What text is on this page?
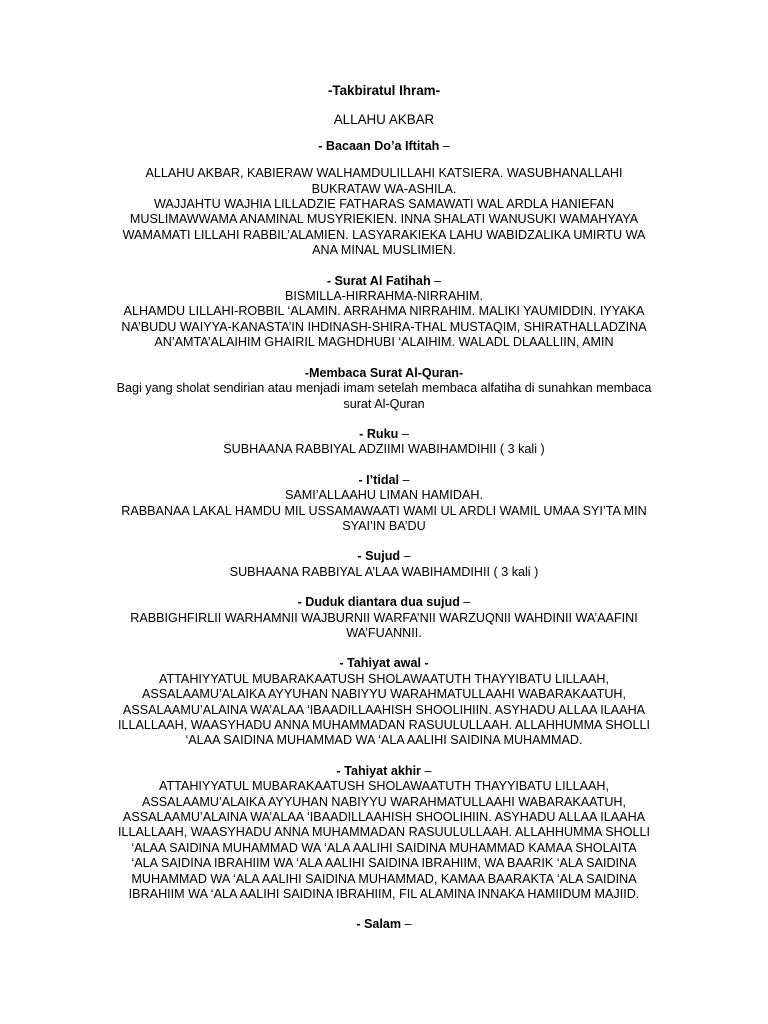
-Takbiratul Ihram-
ALLAHU AKBAR
- Bacaan Do’a Iftitah –
ALLAHU AKBAR, KABIERAW WALHAMDULILLAHI KATSIERA. WASUBHANALLAHI
BUKRATAW WA-ASHILA.
WAJJAHTU WAJHIA LILLADZIE FATHARAS SAMAWATI WAL ARDLA HANIEFAN
MUSLIMAWWAMA ANAMINAL MUSYRIEKIEN. INNA SHALATI WANUSUKI WAMAHYAYA
WAMAMATI LILLAHI RABBIL’ALAMIEN. LASYARAKIEKA LAHU WABIDZALIKA UMIRTU WA
ANA MINAL MUSLIMIEN.
- Surat Al Fatihah –
BISMILLA-HIRRAHMA-NIRRAHIM.
ALHAMDU LILLAHI-ROBBIL ‘ALAMIN. ARRAHMA NIRRAHIM. MALIKI YAUMIDDIN. IYYAKA
NA’BUDU WAIYYA-KANASTA’IN IHDINASH-SHIRA-THAL MUSTAQIM, SHIRATHALLADZINA
AN’AMTA’ALAIHIM GHAIRIL MAGHDHUBI ‘ALAIHIM. WALADL DLAALLIIN, AMIN
-Membaca Surat Al-Quran-
Bagi yang sholat sendirian atau menjadi imam setelah membaca alfatiha di sunahkan membaca
surat Al-Quran
- Ruku –
SUBHAANA RABBIYAL ADZIIMI WABIHAMDIHII ( 3 kali )
- I’tidal –
SAMI’ALLAAHU LIMAN HAMIDAH.
RABBANAA LAKAL HAMDU MIL USSAMAWAATI WAMI UL ARDLI WAMIL UMAA SYI’TA MIN
SYAI’IN BA’DU
- Sujud –
SUBHAANA RABBIYAL A’LAA WABIHAMDIHII ( 3 kali )
- Duduk diantara dua sujud –
RABBIGHFIRLII WARHAMNII WAJBURNII WARFA’NII WARZUQNII WAHDINII WA’AAFINI
WA’FUANNII.
- Tahiyat awal -
ATTAHIYYATUL MUBARAKAATUSH SHOLAWAATUTH THAYYIBATU LILLAAH,
ASSALAAMU’ALAIKA AYYUHAN NABIYYU WARAHMATULLAAHI WABARAKAATUH,
ASSALAAMU’ALAINA WA’ALAA ‘IBAADILLAAHISH SHOOLIHIIN. ASYHADU ALLAA ILAAHA
ILLALLAAH, WAASYHADU ANNA MUHAMMADAN RASUULULLAAH. ALLAHHUMMA SHOLLI
‘ALAA SAIDINA MUHAMMAD WA ‘ALA AALIHI SAIDINA MUHAMMAD.
- Tahiyat akhir –
ATTAHIYYATUL MUBARAKAATUSH SHOLAWAATUTH THAYYIBATU LILLAAH,
ASSALAAMU’ALAIKA AYYUHAN NABIYYU WARAHMATULLAAHI WABARAKAATUH,
ASSALAAMU’ALAINA WA’ALAA ‘IBAADILLAAHISH SHOOLIHIIN. ASYHADU ALLAA ILAAHA
ILLALLAAH, WAASYHADU ANNA MUHAMMADAN RASUULULLAAH. ALLAHHUMMA SHOLLI
‘ALAA SAIDINA MUHAMMAD WA ‘ALA AALIHI SAIDINA MUHAMMAD KAMAA SHOLAITA
‘ALA SAIDINA IBRAHIIM WA ‘ALA AALIHI SAIDINA IBRAHIIM, WA BAARIK ‘ALA SAIDINA
MUHAMMAD WA ‘ALA AALIHI SAIDINA MUHAMMAD, KAMAA BAARAKTA ‘ALA SAIDINA
IBRAHIIM WA ‘ALA AALIHI SAIDINA IBRAHIIM, FIL ALAMINA INNAKA HAMIIDUM MAJIID.
- Salam –
